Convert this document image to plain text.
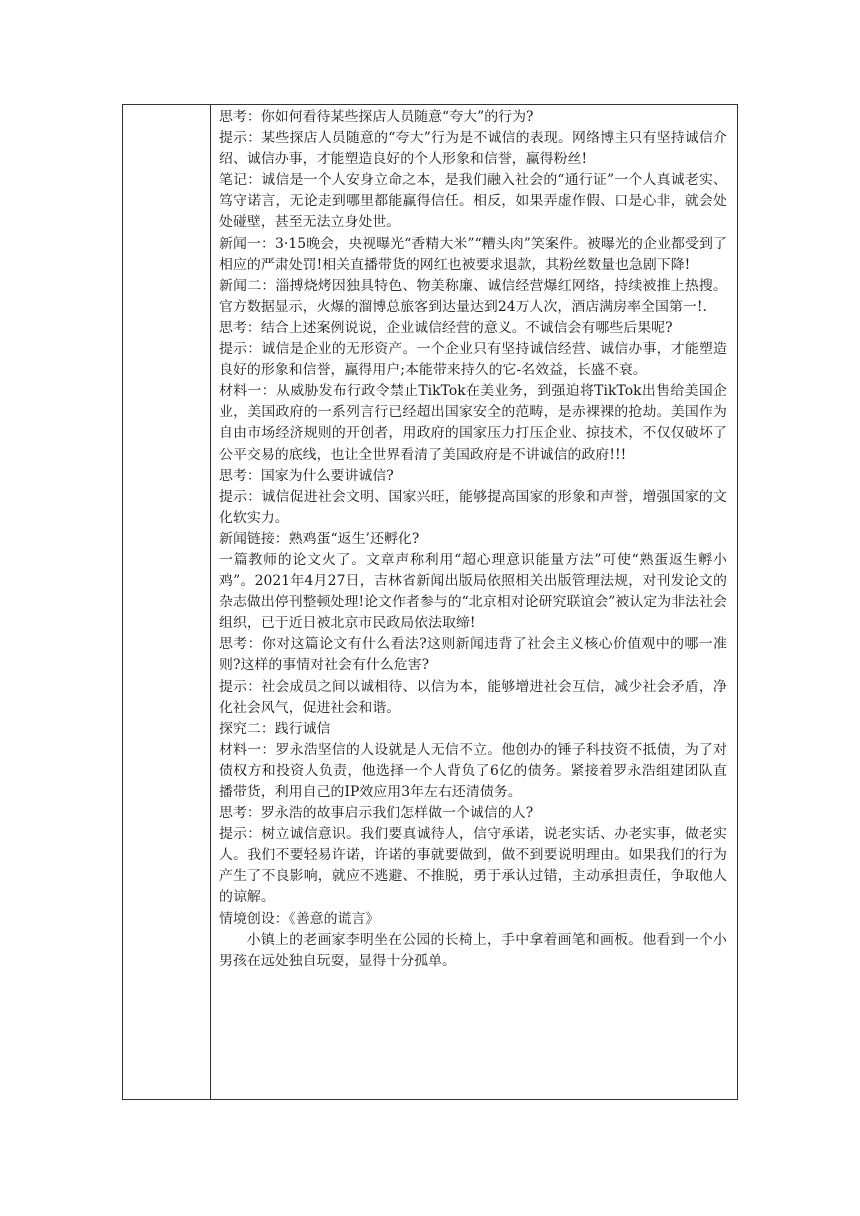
思考：你如何看待某些探店人员随意“夸大”的行为?

提示：某些探店人员随意的“夸大”行为是不诚信的表现。网络博主只有坚持诚信介绍、诚信办事，才能塑造良好的个人形象和信誉，赢得粉丝!

笔记：诚信是一个人安身立命之本，是我们融入社会的“通行证”一个人真诚老实、笃守诺言，无论走到哪里都能赢得信任。相反，如果弄虚作假、口是心非，就会处处碰壁，甚至无法立身处世。

新闻一：3·15晚会，央视曝光“香精大米”“糟头肉”笑案件。被曝光的企业都受到了相应的严肃处罚!相关直播带货的网红也被要求退款，其粉丝数量也急剧下降!

新闻二：淄搏烧烤因独具特色、物美称廉、诚信经营爆红网络，持续被推上热搜。官方数据显示，火爆的溜博总旅客到达量达到24万人次，酒店满房率全国第一!.

思考：结合上述案例说说，企业诚信经营的意义。不诚信会有哪些后果呢?

提示：诚信是企业的无形资产。一个企业只有坚持诚信经营、诚信办事，才能塑造良好的形象和信誉，赢得用户;本能带来持久的它-名效益，长盛不衰。

材料一：从威胁发布行政令禁止TikTok在美业务，到强迫将TikTok出售给美国企业，美国政府的一系列言行已经超出国家安全的范畴，是赤裸裸的抢劫。美国作为自由市场经济规则的开创者，用政府的国家压力打压企业、掠技术，不仅仅破坏了公平交易的底线，也让全世界看清了美国政府是不讲诚信的政府!!!

思考：国家为什么要讲诚信?

提示：诚信促进社会文明、国家兴旺，能够提高国家的形象和声誉，增强国家的文化软实力。

新闻链接：熟鸡蛋“返生’还孵化?

一篇教师的论文火了。文章声称利用“超心理意识能量方法”可使“熟蛋返生孵小鸡”。2021年4月27日，吉林省新闻出版局依照相关出版管理法规，对刊发论文的杂志做出停刊整顿处理!论文作者参与的“北京相对论研究联谊会”被认定为非法社会组织，已于近日被北京市民政局依法取缔!

思考：你对这篇论文有什么看法?这则新闻违背了社会主义核心价值观中的哪一准则?这样的事情对社会有什么危害?

提示：社会成员之间以诚相待、以信为本，能够增进社会互信，减少社会矛盾，净化社会风气，促进社会和谐。

探究二：践行诚信

材料一：罗永浩坚信的人设就是人无信不立。他创办的锤子科技资不抵债，为了对债权方和投资人负责，他选择一个人背负了6亿的债务。紧接着罗永浩组建团队直播带货，利用自己的IP效应用3年左右还清债务。

思考：罗永浩的故事启示我们怎样做一个诚信的人?

提示：树立诚信意识。我们要真诚待人，信守承诺，说老实话、办老实事，做老实人。我们不要轻易许诺，许诺的事就要做到，做不到要说明理由。如果我们的行为产生了不良影响，就应不逃避、不推脱，勇于承认过错，主动承担责任，争取他人的谅解。

情境创设：《善意的谎言》

小镇上的老画家李明坐在公园的长椅上，手中拿着画笔和画板。他看到一个小男孩在远处独自玩耍，显得十分孤单。
